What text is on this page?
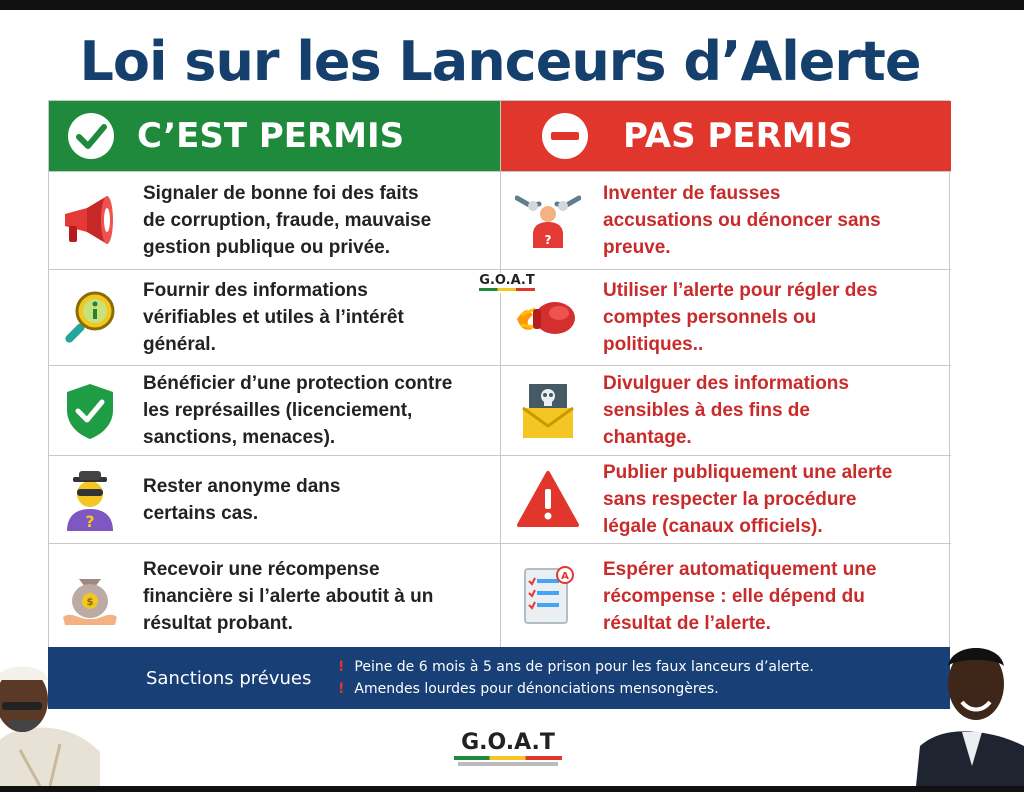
Loi sur les Lanceurs d’Alerte
C’EST PERMIS
Signaler de bonne foi des faits
de corruption, fraude, mauvaise
gestion publique ou privée.
Fournir des informations
vérifiables et utiles à l’intérêt
général.
Bénéficier d’une protection contre
les représailles (licenciement,
sanctions, menaces).
?
Rester anonyme dans
certains cas.
$
Recevoir une récompense
financière si l’alerte aboutit à un
résultat probant.
PAS PERMIS
?
Inventer de fausses
accusations ou dénoncer sans
preuve.
Utiliser l’alerte pour régler des
comptes personnels ou
politiques..
Divulguer des informations
sensibles à des fins de
chantage.
Publier publiquement une alerte
sans respecter la procédure
légale (canaux officiels).
A Espérer automatiquement une
récompense : elle dépend du
résultat de l’alerte.
G.O.A.T
Sanctions prévues
! Peine de 6 mois à 5 ans de prison pour les faux lanceurs d’alerte.
! Amendes lourdes pour dénonciations mensongères.
G.O.A.T
